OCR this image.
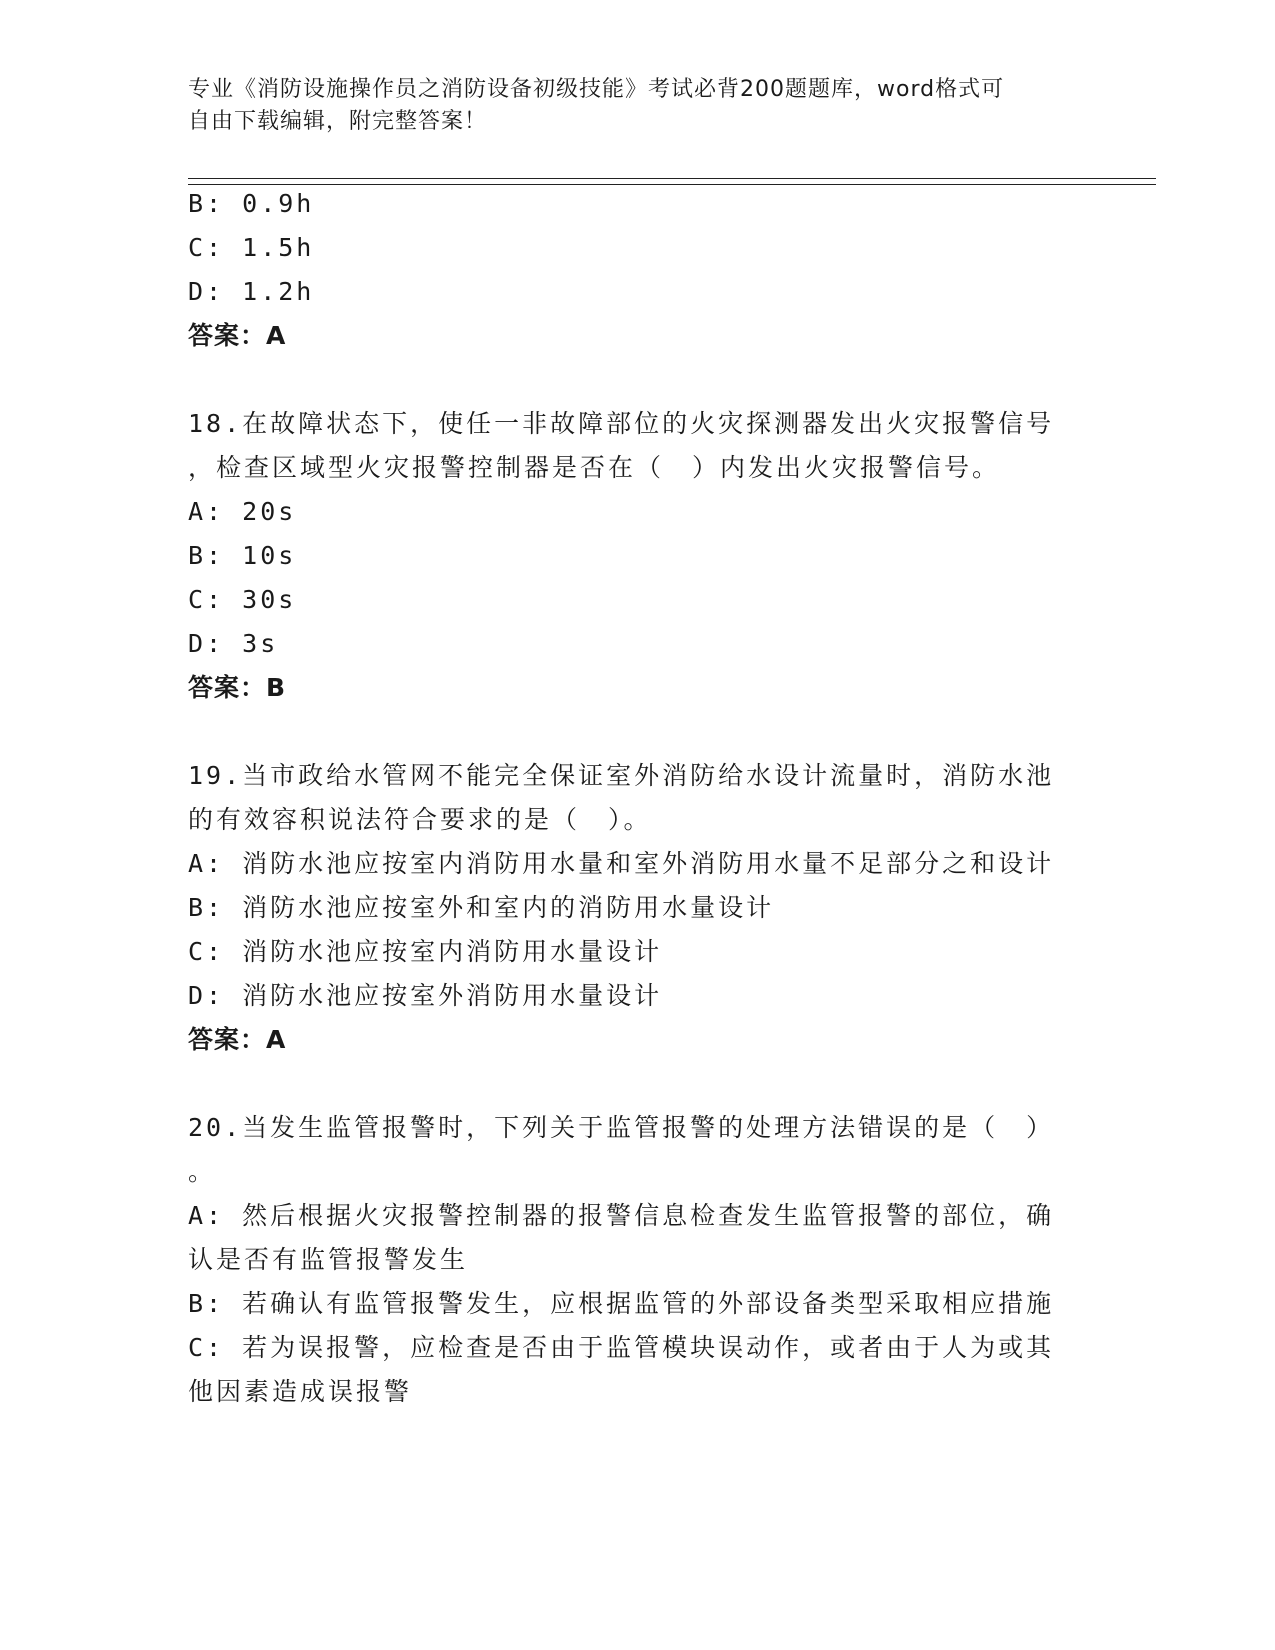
专业《消防设施操作员之消防设备初级技能》考试必背200题题库，word格式可
自由下载编辑，附完整答案！
B: 0.9h
C: 1.5h
D: 1.2h
答案：A
18.在故障状态下，使任一非故障部位的火灾探测器发出火灾报警信号
，检查区域型火灾报警控制器是否在（　）内发出火灾报警信号。
A: 20s
B: 10s
C: 30s
D: 3s
答案：B
19.当市政给水管网不能完全保证室外消防给水设计流量时，消防水池
的有效容积说法符合要求的是（　）。
A: 消防水池应按室内消防用水量和室外消防用水量不足部分之和设计
B: 消防水池应按室外和室内的消防用水量设计
C: 消防水池应按室内消防用水量设计
D: 消防水池应按室外消防用水量设计
答案：A
20.当发生监管报警时，下列关于监管报警的处理方法错误的是（　）
。
A: 然后根据火灾报警控制器的报警信息检查发生监管报警的部位，确
认是否有监管报警发生
B: 若确认有监管报警发生，应根据监管的外部设备类型采取相应措施
C: 若为误报警，应检查是否由于监管模块误动作，或者由于人为或其
他因素造成误报警
